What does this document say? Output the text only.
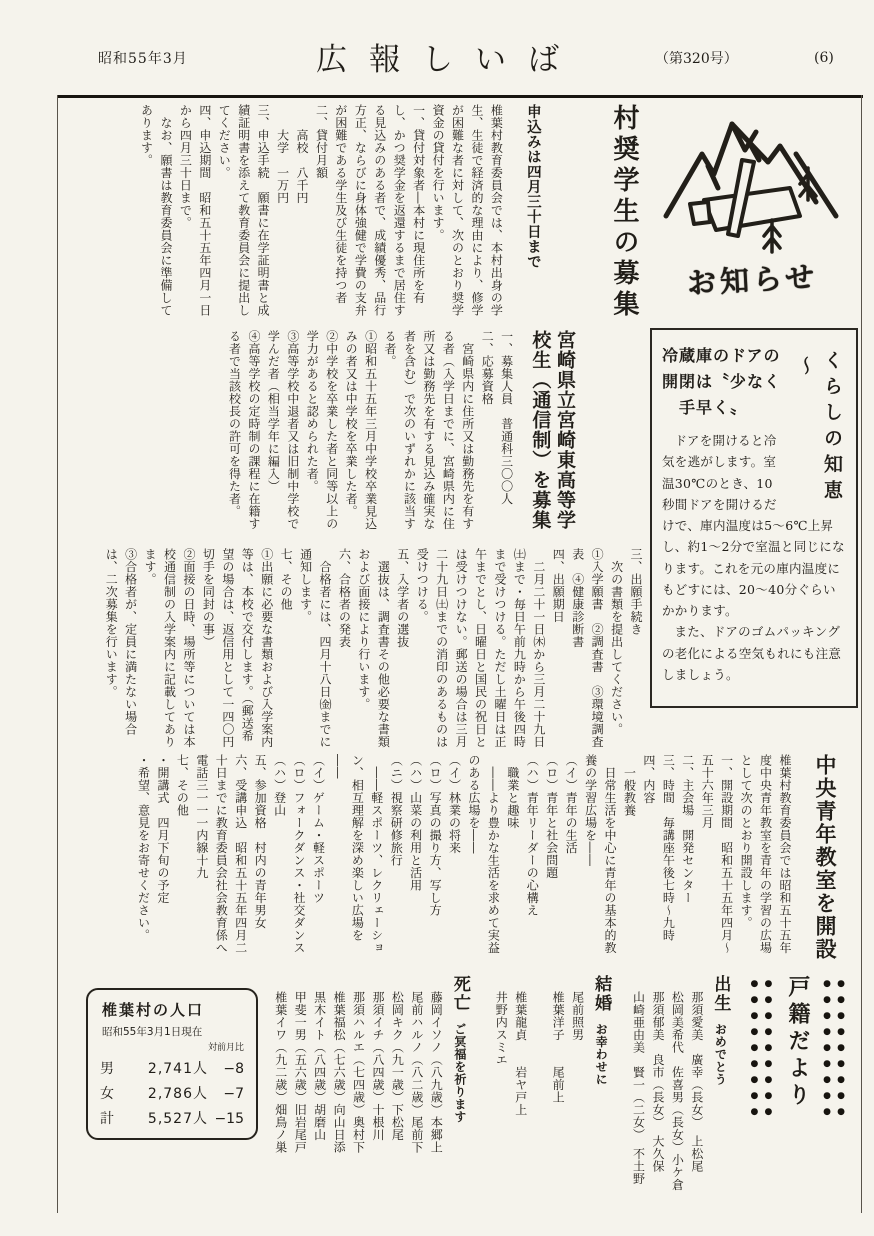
昭和55年3月	広報しいば	（第320号）	(6)
お知らせ
村奨学生の募集

申込みは四月三十日まで

椎葉村教育委員会では、本村出身の学生、生徒で経済的な理由により、修学が困難な者に対して、次のとおり奨学資金の貸付を行います。

一、貸付対象者―本村に現住所を有し、かつ奨学金を返還するまで居住する見込みのある者で、成績優秀、品行方正、ならびに身体強健で学費の支弁が困難である学生及び生徒を持つ者

二、貸付月額

　　高校　八千円

　　大学　一万円

三、申込手続　願書に在学証明書と成績証明書を添えて教育委員会に提出してください。

四、申込期間　昭和五十五年四月一日から四月三十日まで。

　なお、願書は教育委員会に準備してあります。

宮崎県立宮崎東高等学校生（通信制）を募集

一、募集人員　普通科三〇〇人

二、応募資格

　宮崎県内に住所又は勤務先を有する者（入学日までに、宮崎県内に住所又は勤務先を有する見込み確実な者を含む）で次のいずれかに該当する者。

①昭和五十五年三月中学校卒業見込みの者又は中学校を卒業した者。

②中学校を卒業した者と同等以上の学力があると認められた者。

③高等学校中退者又は旧制中学校で学んだ者（相当学年に編入）

④高等学校の定時制の課程に在籍する者で当該校長の許可を得た者。

三、出願手続き

　次の書類を提出してください。

①入学願書　②調査書　③環境調査表　④健康診断書

四、出願期日

　二月二十一日㈭から三月二十九日㈯まで・毎日午前九時から午後四時まで受けつける。ただし土曜日は正午までとし、日曜日と国民の祝日とは受けつけない。郵送の場合は三月二十九日㈯までの消印のあるものは受けつける。

五、入学者の選抜

　選抜は、調査書その他必要な書類および面接により行います。

六、合格者の発表

　合格者には、四月十八日㈮までに通知します。

七、その他

①出願に必要な書類および入学案内等は、本校で交付します。（郵送希望の場合は、返信用として一四〇円切手を同封の事）

②面接の日時、場所等については本校通信制の入学案内に記載してあります。

③合格者が、定員に満たない場合は、二次募集を行います。

くらしの知恵
〜

冷蔵庫のドアの

開閉は〝少なく

　手早く〟

ドアを開けると冷気を逃がします。室温30℃のとき、10秒間ドアを開けるだけで、庫内温度は5〜6℃上昇し、約1〜2分で室温と同じになります。これを元の庫内温度にもどすには、20〜40分ぐらいかかります。

また、ドアのゴムパッキングの老化による空気もれにも注意しましょう。

中央青年教室を開設

椎葉村教育委員会では昭和五十五年度中央青年教室を青年の学習の広場として次のとおり開設します。

一、開設期間　昭和五十五年四月〜五十六年三月

二、主会場　開発センター

三、時間　毎講座午後七時〜九時

四、内容

　一般教養

　日常生活を中心に青年の基本的教養の学習広場を――

（イ）青年の生活

（ロ）青年と社会問題

（ハ）青年リーダーの心構え

　職業と趣味

　――より豊かな生活を求めて実益のある広場を――

（イ）林業の将来

（ロ）写真の撮り方、写し方

（ハ）山菜の利用と活用

（ニ）視察研修旅行

　――軽スポーツ、レクリェーション、相互理解を深め楽しい広場を――

（イ）ゲーム・軽スポーツ

（ロ）フォークダンス・社交ダンス

（ハ）登山

五、参加資格　村内の青年男女

六、受講申込　昭和五十五年四月二十日までに教育委員会社会教育係へ　電話三一一一内線十九

七、その他

・開講式　四月下旬の予定

・希望、意見をお寄せください。

●●●●●●●●●
●●●●●●●●●
戸籍だより
●●●●●●●●●
●●●●●●●●●

出生おめでとう

那須愛美　廣幸（長女）　上松尾

松岡美希代　佐喜男（長女）小ケ倉

那須郁美　良市（長女）　大久保

山崎亜由美　賢一（二女）　不土野

結婚お幸わせに

尾前照男

椎葉洋子　　尾前上

椎葉龍貞　　岩ヤ戸上

井野内スミエ

死亡ご冥福を祈ります

藤岡イソノ（八九歳）本郷上

尾前ハルノ（八二歳）尾前下

松岡キク（九一歳）下松尾

那須イチ（八四歳）十根川

那須ハルエ（七四歳）奥村下

椎葉福松（七六歳）向山日添

黒木イト（八四歳）胡磨山

甲斐一男（五六歳）旧岩尾戸

椎葉イワ（九二歳）畑鳥ノ巣

椎葉村の人口
昭和55年3月1日現在
対前月比
男	2,741人	−8
女	2,786人	−7
計	5,527人 −15
